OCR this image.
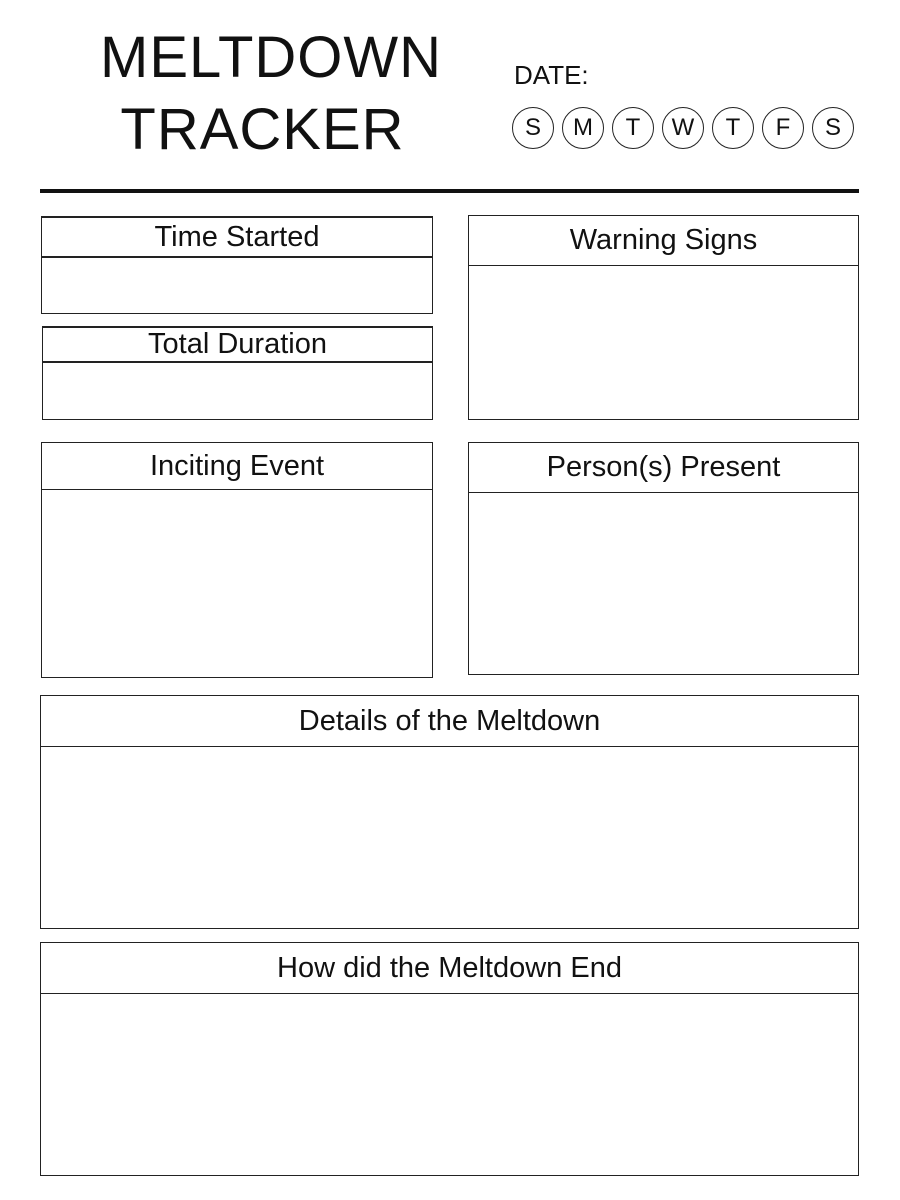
MELTDOWN
TRACKER
DATE:
S	M	T	W	T	F	S
Time Started
Total Duration
Warning Signs
Inciting Event	Person(s) Present
Details of the Meltdown
How did the Meltdown End
